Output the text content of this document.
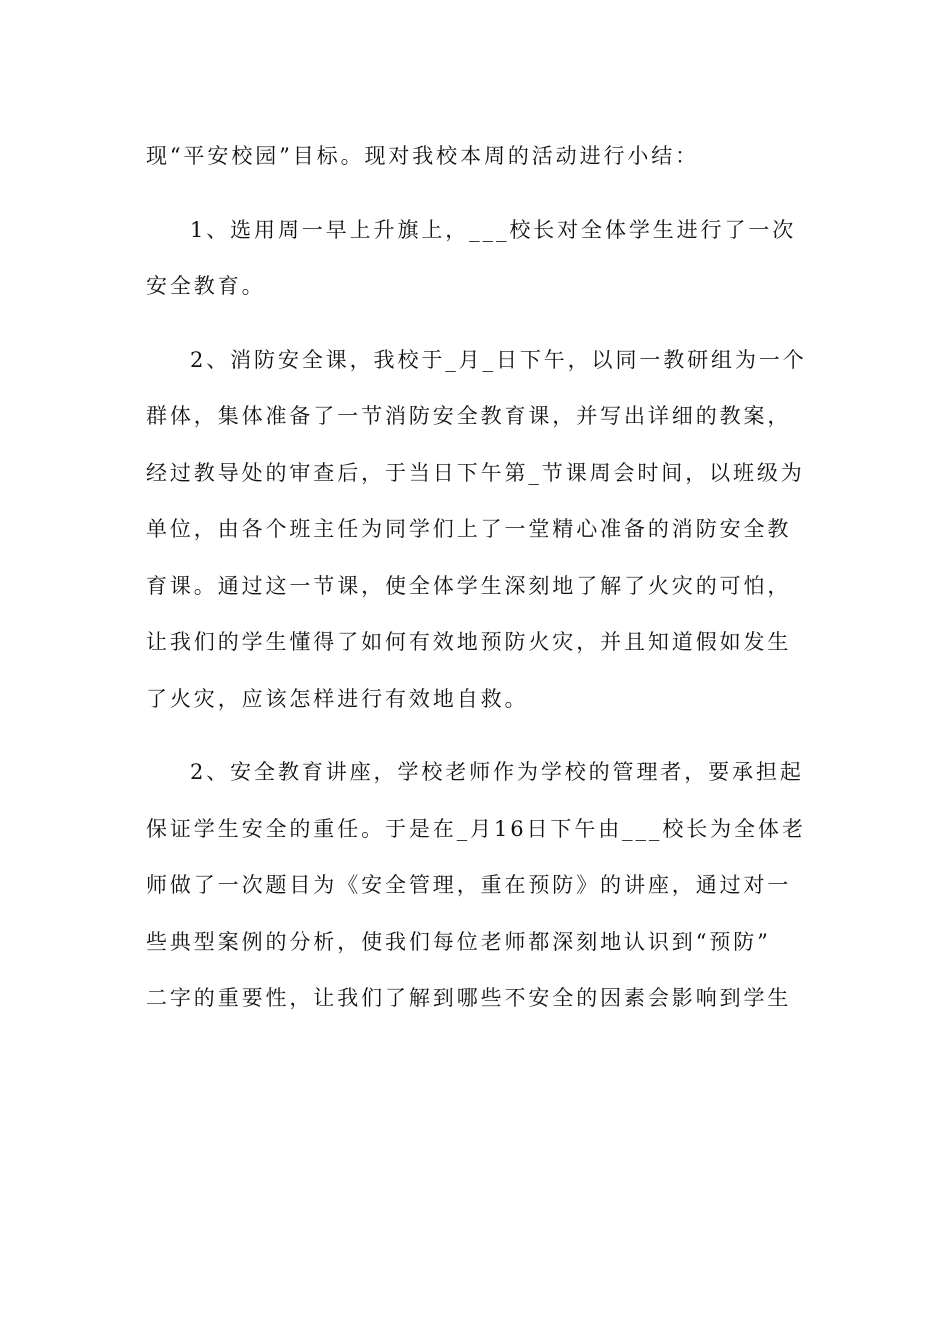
现“平安校园”目标。现对我校本周的活动进行小结：
1、选用周一早上升旗上，___校长对全体学生进行了一次
安全教育。
2、消防安全课，我校于_月_日下午，以同一教研组为一个
群体，集体准备了一节消防安全教育课，并写出详细的教案，
经过教导处的审查后，于当日下午第_节课周会时间，以班级为
单位，由各个班主任为同学们上了一堂精心准备的消防安全教
育课。通过这一节课，使全体学生深刻地了解了火灾的可怕，
让我们的学生懂得了如何有效地预防火灾，并且知道假如发生
了火灾，应该怎样进行有效地自救。
2、安全教育讲座，学校老师作为学校的管理者，要承担起
保证学生安全的重任。于是在_月16日下午由___校长为全体老
师做了一次题目为《安全管理，重在预防》的讲座，通过对一
些典型案例的分析，使我们每位老师都深刻地认识到“预防”
二字的重要性，让我们了解到哪些不安全的因素会影响到学生
